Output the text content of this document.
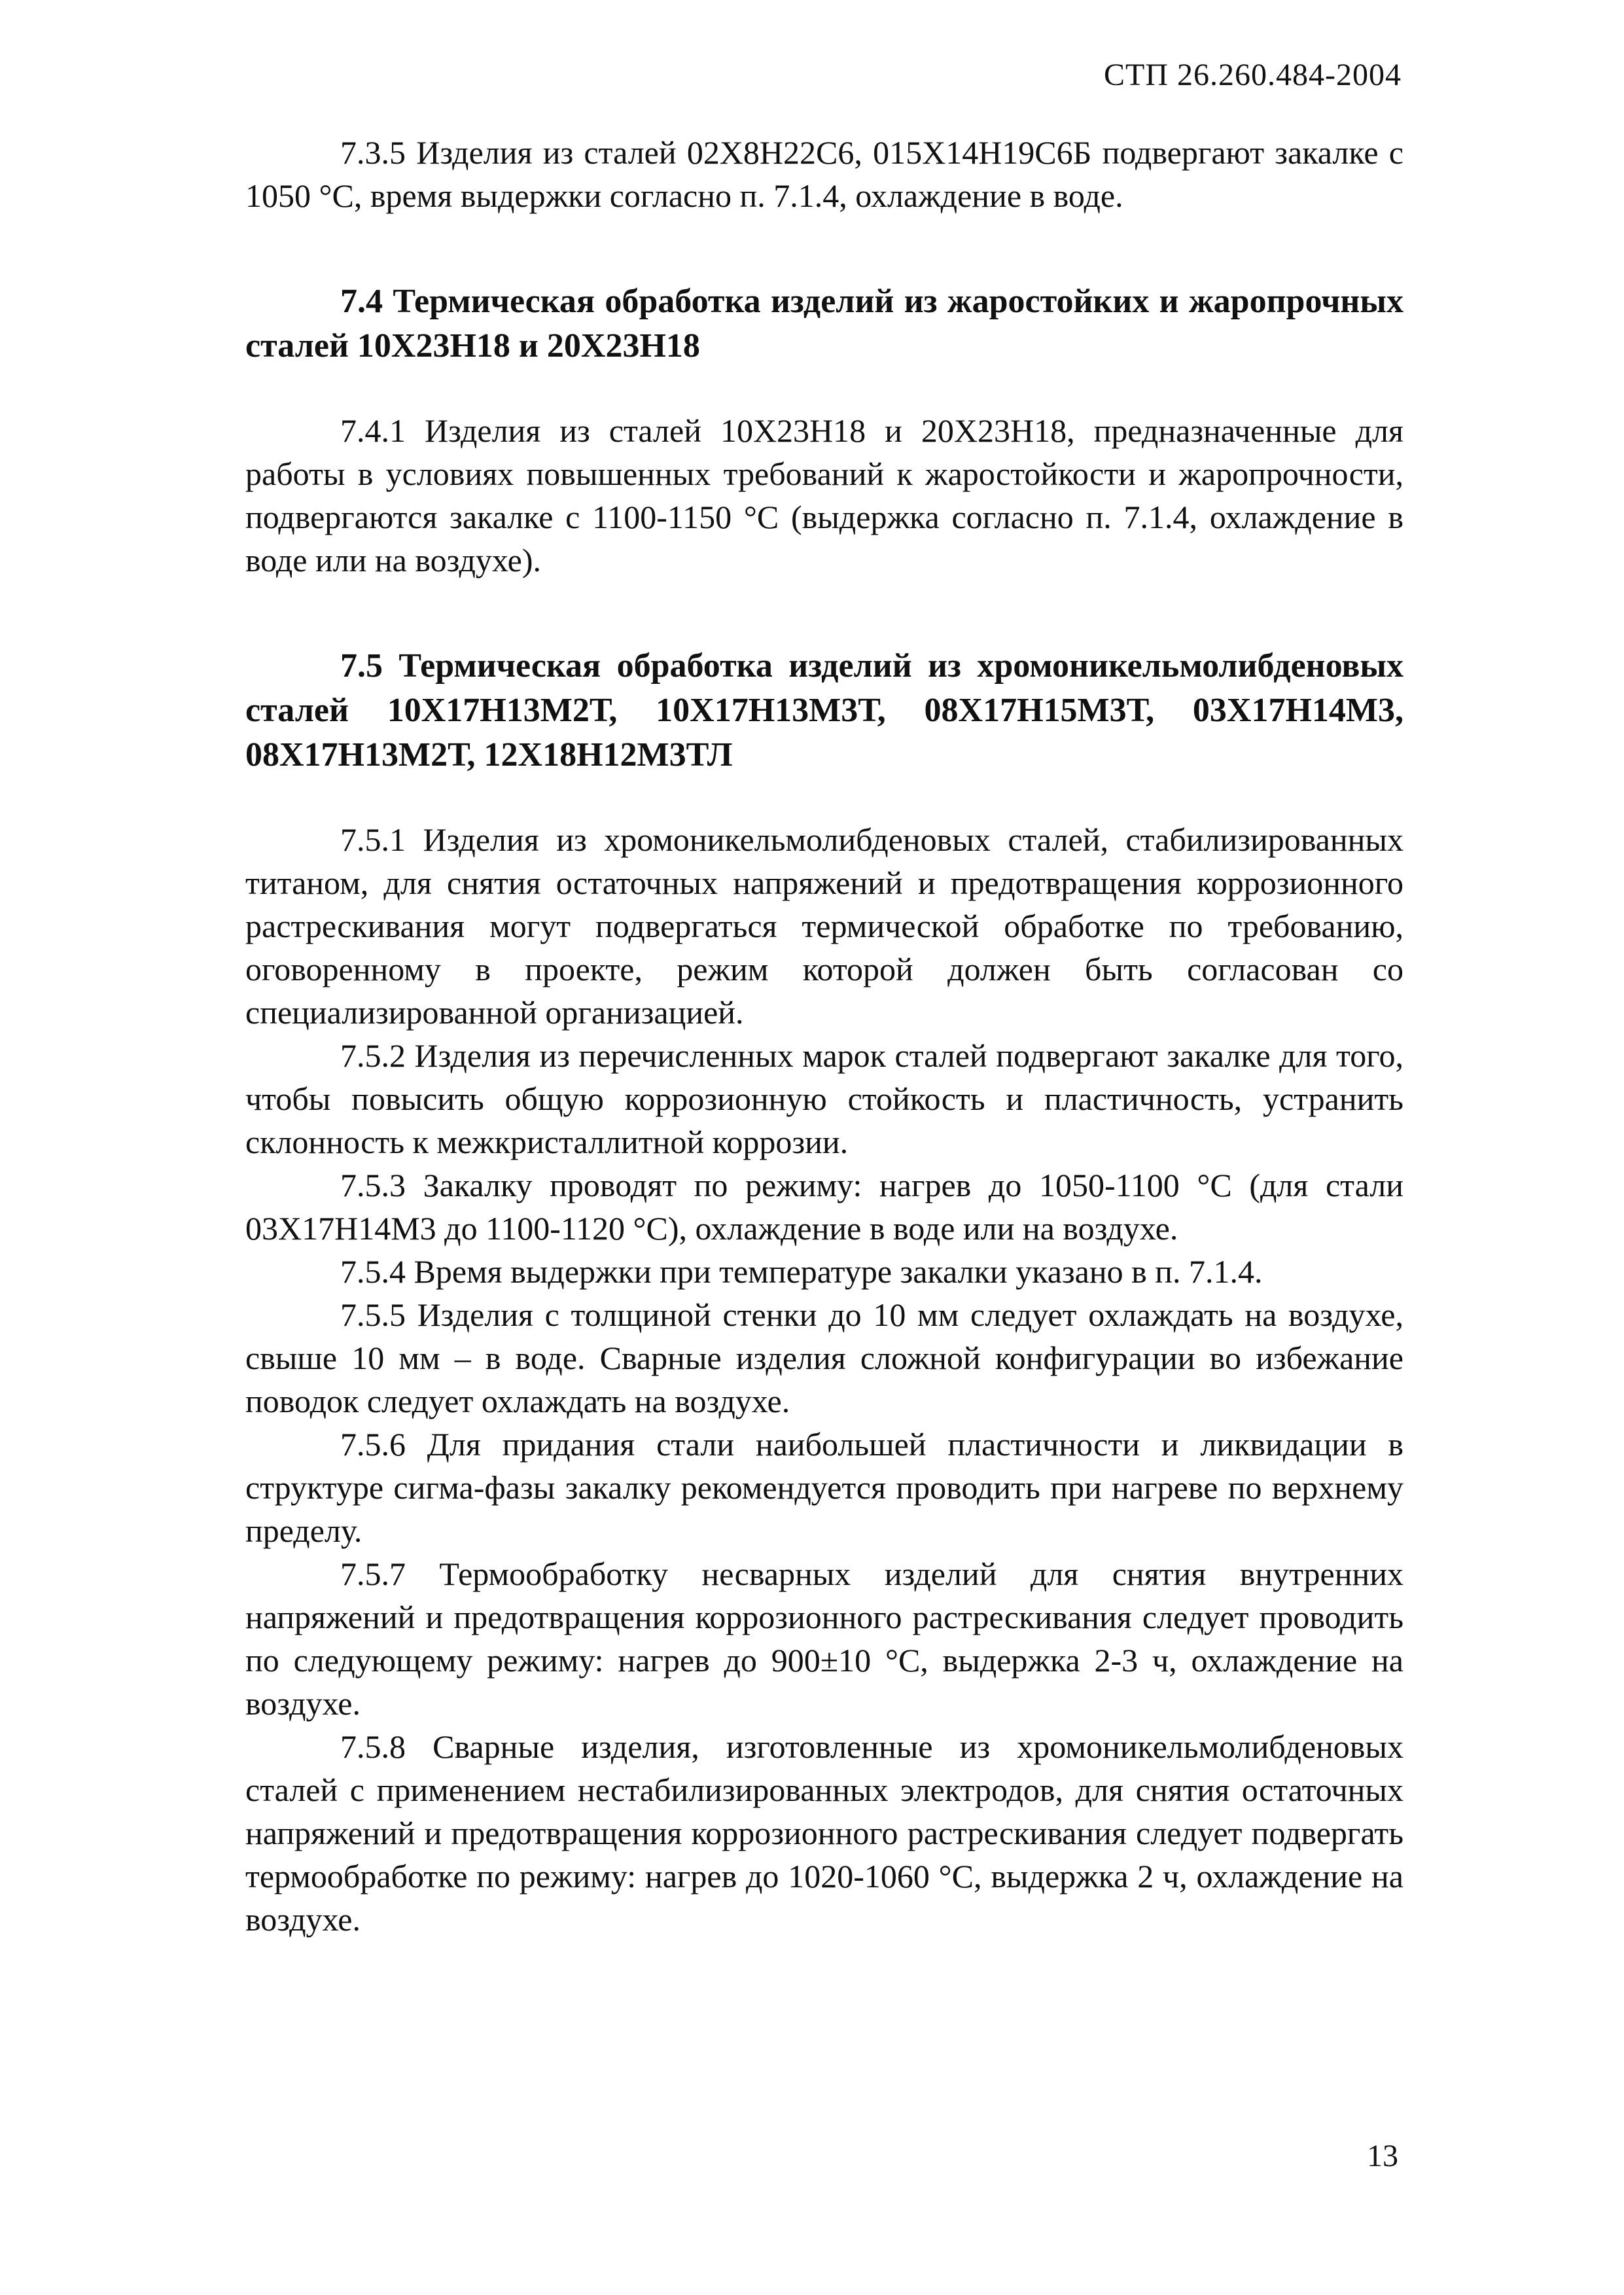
СТП 26.260.484-2004

7.3.5 Изделия из сталей 02Х8Н22С6, 015Х14Н19С6Б подвергают закалке с 1050 °С, время выдержки согласно п. 7.1.4, охлаждение в воде.

7.4 Термическая обработка изделий из жаростойких и жаропрочных сталей 10Х23Н18 и 20Х23Н18

7.4.1 Изделия из сталей 10Х23Н18 и 20Х23Н18, предназначенные для работы в условиях повышенных требований к жаростойкости и жаропрочности, подвергаются закалке с 1100-1150 °С (выдержка согласно п. 7.1.4, охлаждение в воде или на воздухе).

7.5 Термическая обработка изделий из хромоникельмолибденовых сталей 10Х17Н13М2Т, 10Х17Н13М3Т, 08Х17Н15М3Т, 03Х17Н14М3, 08Х17Н13М2Т, 12Х18Н12М3ТЛ

7.5.1 Изделия из хромоникельмолибденовых сталей, стабилизированных титаном, для снятия остаточных напряжений и предотвращения коррозионного растрескивания могут подвергаться термической обработке по требованию, оговоренному в проекте, режим которой должен быть согласован со специализированной организацией.

7.5.2 Изделия из перечисленных марок сталей подвергают закалке для того, чтобы повысить общую коррозионную стойкость и пластичность, устранить склонность к межкристаллитной коррозии.

7.5.3 Закалку проводят по режиму: нагрев до 1050-1100 °С (для стали 03Х17Н14М3 до 1100-1120 °С), охлаждение в воде или на воздухе.

7.5.4 Время выдержки при температуре закалки указано в п. 7.1.4.

7.5.5 Изделия с толщиной стенки до 10 мм следует охлаждать на воздухе, свыше 10 мм – в воде. Сварные изделия сложной конфигурации во избежание поводок следует охлаждать на воздухе.

7.5.6 Для придания стали наибольшей пластичности и ликвидации в структуре сигма-фазы закалку рекомендуется проводить при нагреве по верхнему пределу.

7.5.7 Термообработку несварных изделий для снятия внутренних напряжений и предотвращения коррозионного растрескивания следует проводить по следующему режиму: нагрев до 900±10 °С, выдержка 2-3 ч, охлаждение на воздухе.

7.5.8 Сварные изделия, изготовленные из хромоникельмолибденовых сталей с применением нестабилизированных электродов, для снятия остаточных напряжений и предотвращения коррозионного растрескивания следует подвергать термообработке по режиму: нагрев до 1020-1060 °С, выдержка 2 ч, охлаждение на воздухе.

13
